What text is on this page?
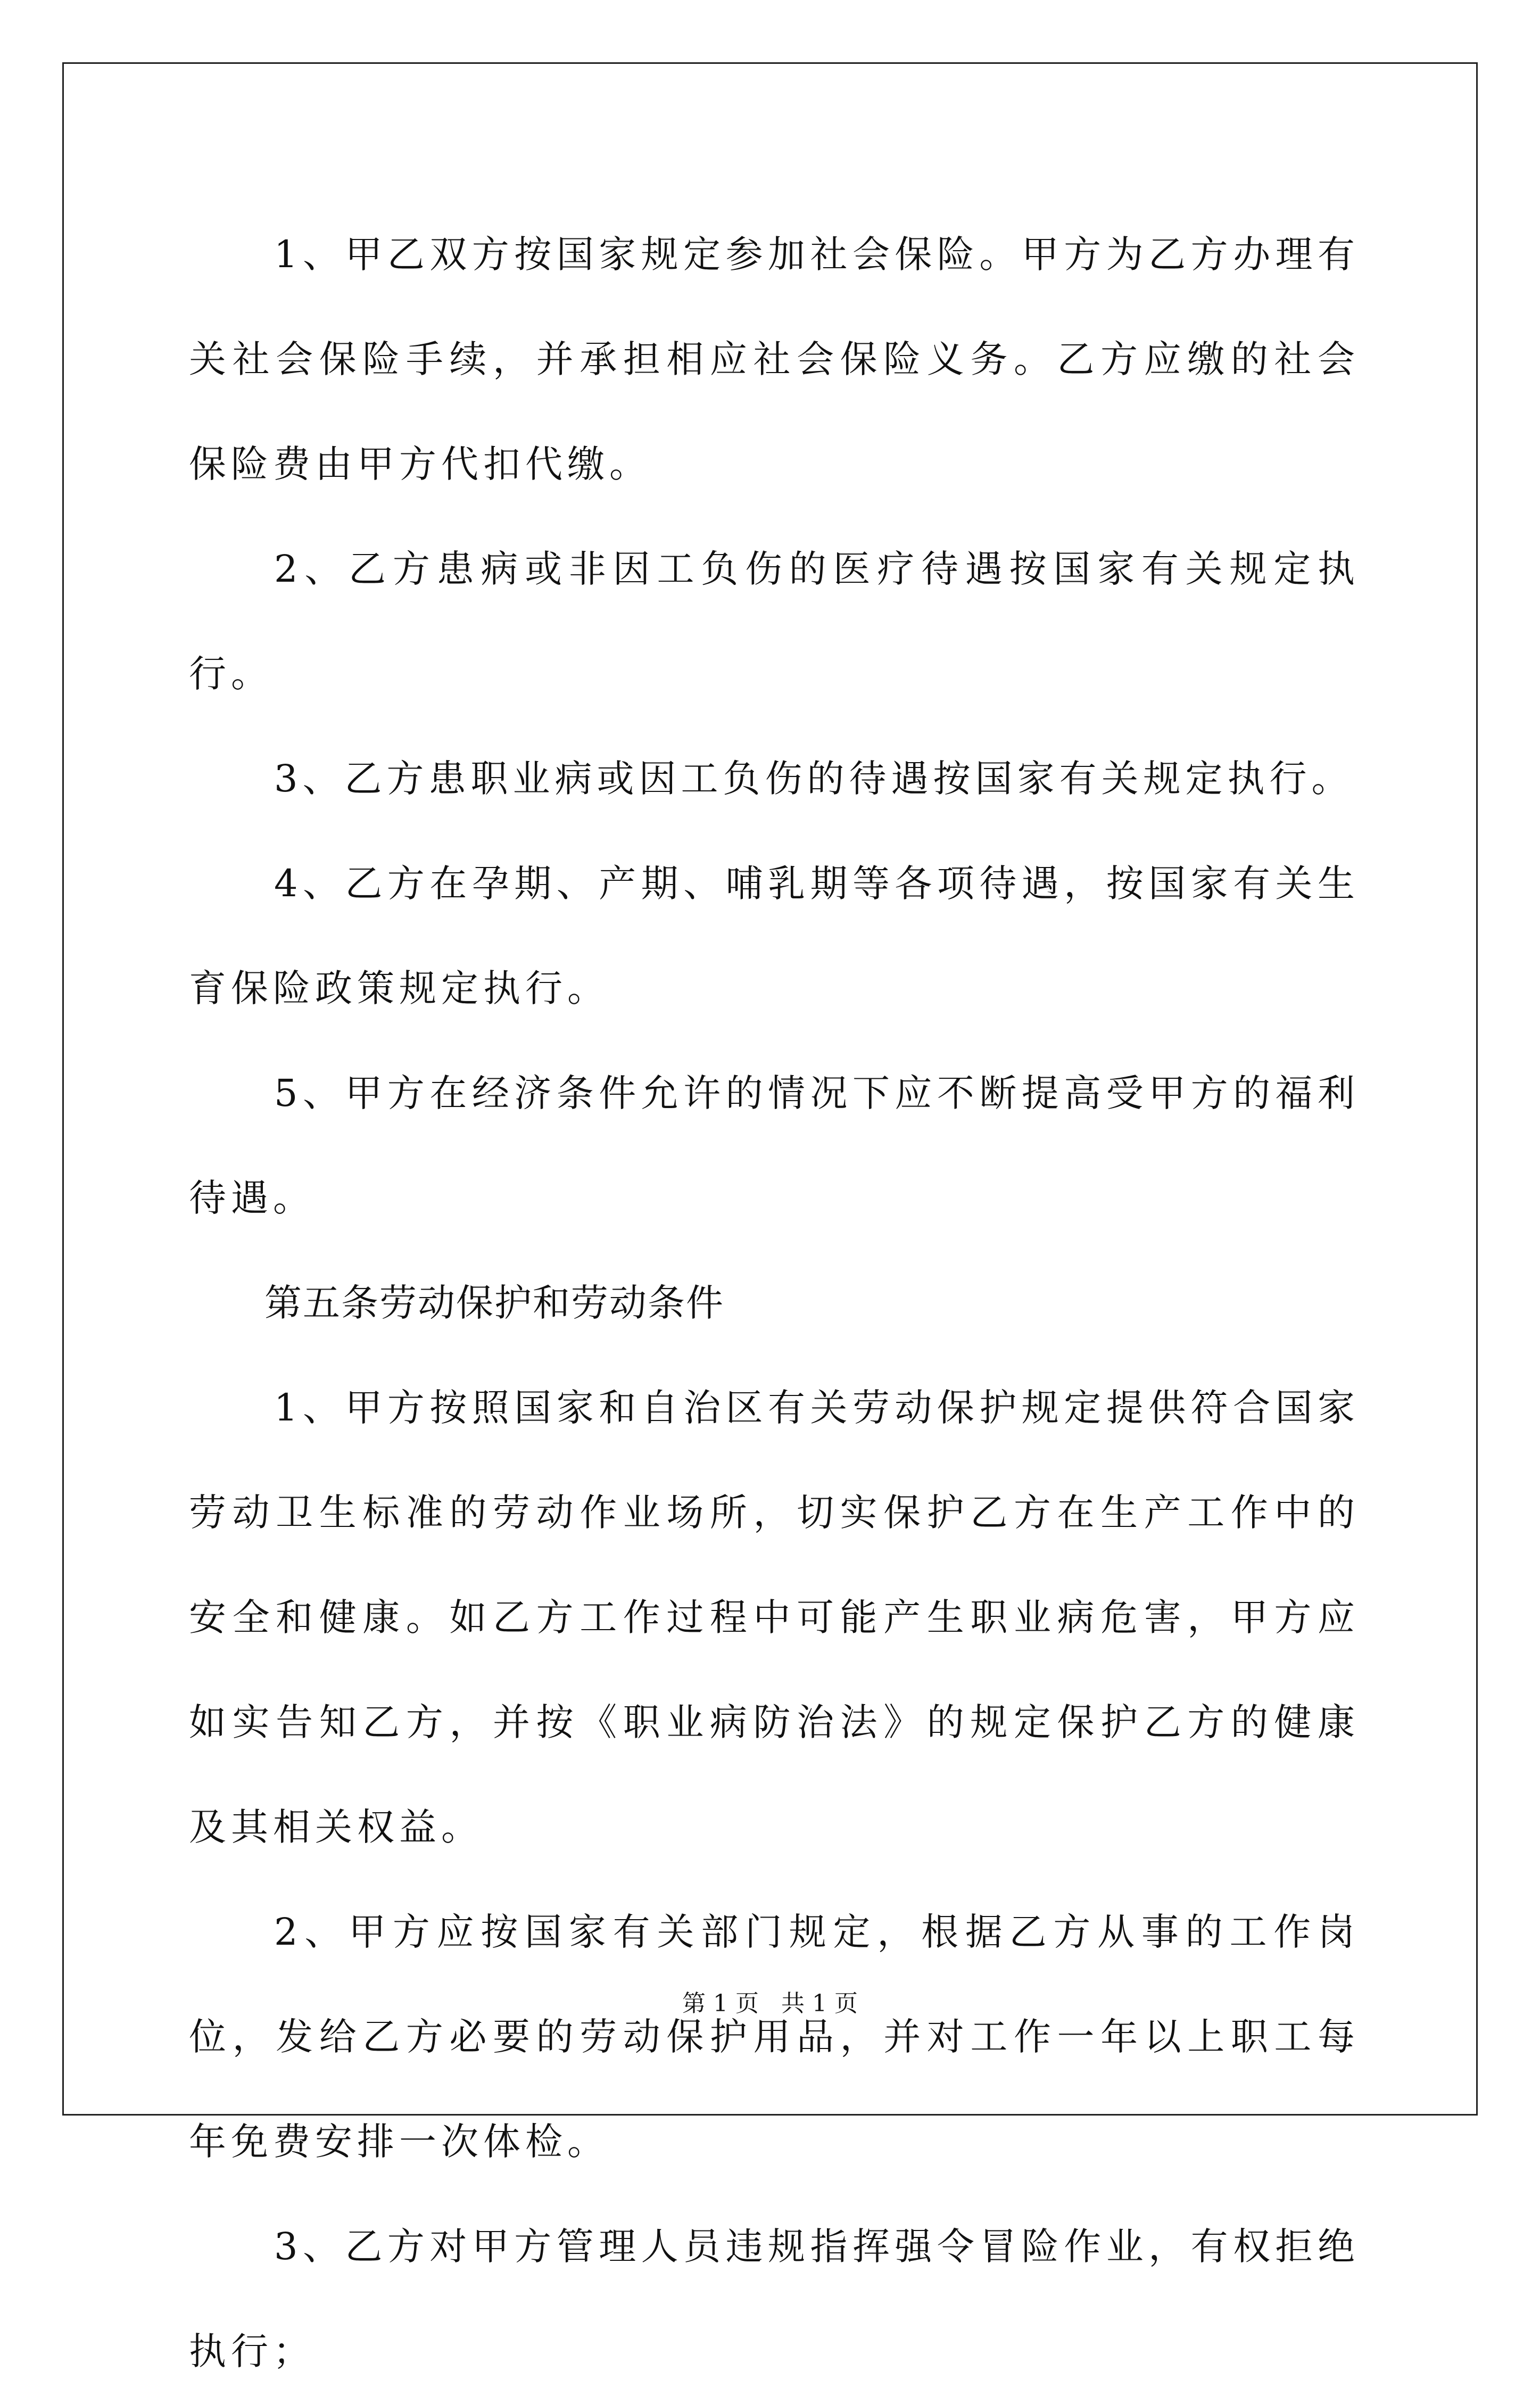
1、甲乙双方按国家规定参加社会保险。甲方为乙方办理有关社会保险手续，并承担相应社会保险义务。乙方应缴的社会保险费由甲方代扣代缴。

2、乙方患病或非因工负伤的医疗待遇按国家有关规定执行。

3、乙方患职业病或因工负伤的待遇按国家有关规定执行。

4、乙方在孕期、产期、哺乳期等各项待遇，按国家有关生育保险政策规定执行。

5、甲方在经济条件允许的情况下应不断提高受甲方的福利待遇。

第五条劳动保护和劳动条件

1、甲方按照国家和自治区有关劳动保护规定提供符合国家劳动卫生标准的劳动作业场所，切实保护乙方在生产工作中的安全和健康。如乙方工作过程中可能产生职业病危害，甲方应如实告知乙方，并按《职业病防治法》的规定保护乙方的健康及其相关权益。

2、甲方应按国家有关部门规定，根据乙方从事的工作岗位，发给乙方必要的劳动保护用品，并对工作一年以上职工每年免费安排一次体检。

3、乙方对甲方管理人员违规指挥强令冒险作业，有权拒绝执行；

第 1 页 共 1 页
